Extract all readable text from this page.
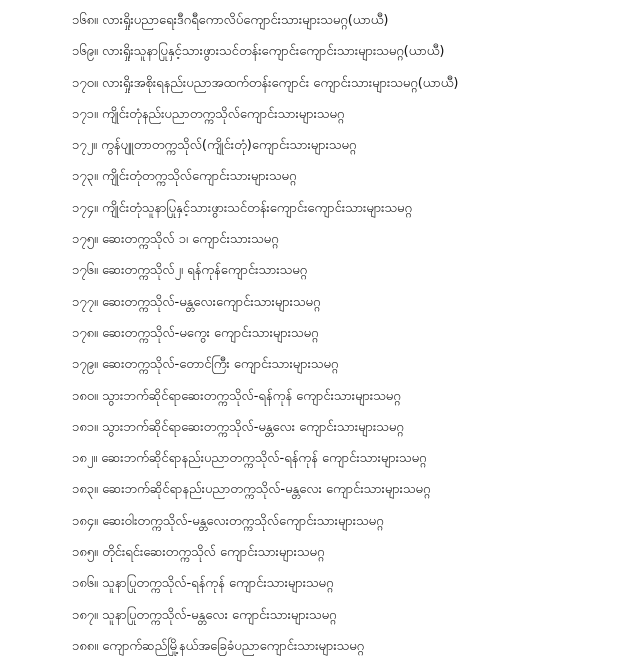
၁၆၈။ လားရှိုးပညာရေးဒီဂရီကောလိပ်ကျောင်းသားများသမဂ္ဂ(ယာယီ)
၁၆၉။ လားရှိုးသူနာပြုနှင့်သားဖွားသင်တန်းကျောင်းကျောင်းသားများသမဂ္ဂ(ယာယီ)
၁၇၀။ လားရှိုးအစိုးရနည်းပညာအထက်တန်းကျောင်း ကျောင်းသားများသမဂ္ဂ(ယာယီ)
၁၇၁။ ကျိုင်းတုံနည်းပညာတက္ကသိုလ်ကျောင်းသားများသမဂ္ဂ
၁၇၂။ ကွန်ပျူတာတက္ကသိုလ်(ကျိုင်းတုံ)ကျောင်းသားများသမဂ္ဂ
၁၇၃။ ကျိုင်းတုံတက္ကသိုလ်ကျောင်းသားများသမဂ္ဂ
၁၇၄။ ကျိုင်းတုံသူနာပြုနှင့်သားဖွားသင်တန်းကျောင်းကျောင်းသားများသမဂ္ဂ
၁၇၅။ ဆေးတက္ကသိုလ် ၁၊ ကျောင်းသားသမဂ္ဂ
၁၇၆။ ဆေးတက္ကသိုလ်၂၊ ရန်ကုန်ကျောင်းသားသမဂ္ဂ
၁၇၇။ ဆေးတက္ကသိုလ်-မန္တလေးကျောင်းသားများသမဂ္ဂ
၁၇၈။ ဆေးတက္ကသိုလ်-မကွေး ကျောင်းသားများသမဂ္ဂ
၁၇၉။ ဆေးတက္ကသိုလ်-တောင်ကြီး ကျောင်းသားများသမဂ္ဂ
၁၈၀။ သွားဘက်ဆိုင်ရာဆေးတက္ကသိုလ်-ရန်ကုန် ကျောင်းသားများသမဂ္ဂ
၁၈၁။ သွားဘက်ဆိုင်ရာဆေးတက္ကသိုလ်-မန္တလေး ကျောင်းသားများသမဂ္ဂ
၁၈၂။ ဆေးဘက်ဆိုင်ရာနည်းပညာတက္ကသိုလ်-ရန်ကုန် ကျောင်းသားများသမဂ္ဂ
၁၈၃။ ဆေးဘက်ဆိုင်ရာနည်းပညာတက္ကသိုလ်-မန္တလေး ကျောင်းသားများသမဂ္ဂ
၁၈၄။ ဆေးဝါးတက္ကသိုလ်-မန္တလေးတက္ကသိုလ်ကျောင်းသားများသမဂ္ဂ
၁၈၅။ တိုင်းရင်းဆေးတက္ကသိုလ် ကျောင်းသားများသမဂ္ဂ
၁၈၆။ သူနာပြုတက္ကသိုလ်-ရန်ကုန် ကျောင်းသားများသမဂ္ဂ
၁၈၇။ သူနာပြုတက္ကသိုလ်-မန္တလေး ကျောင်းသားများသမဂ္ဂ
၁၈၈။ ကျောက်ဆည်မြို့နယ်အခြေခံပညာကျောင်းသားများသမဂ္ဂ
